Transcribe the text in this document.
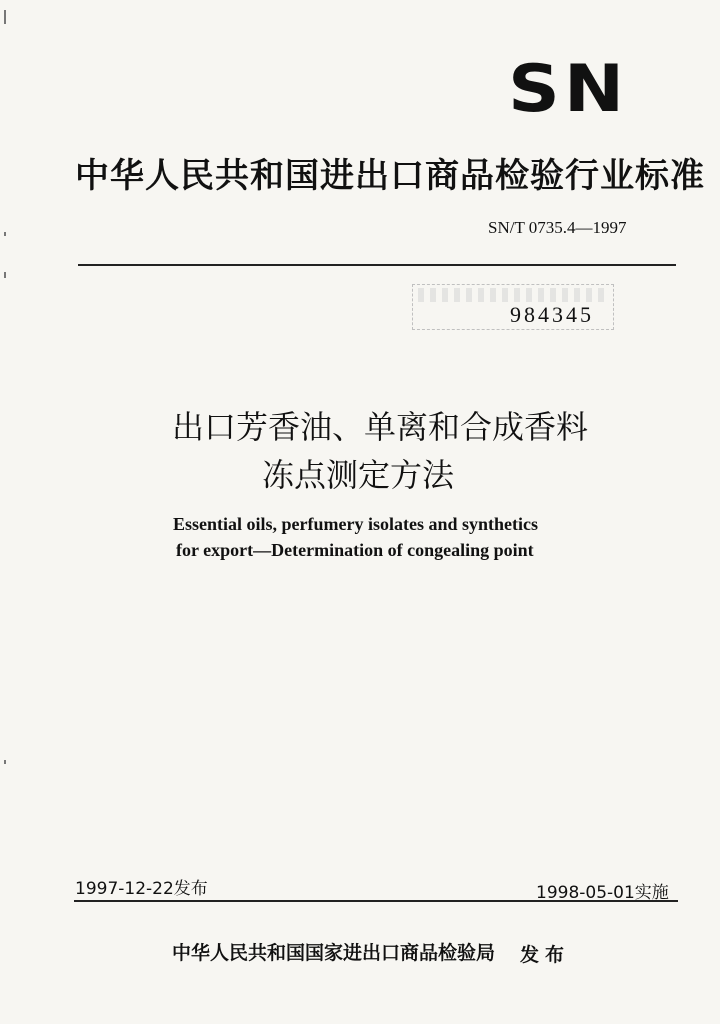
SN
中华人民共和国进出口商品检验行业标准
SN/T 0735.4—1997
984345
出口芳香油、单离和合成香料
冻点测定方法
Essential oils, perfumery isolates and synthetics
for export—Determination of congealing point
1997-12-22发布	1998-05-01实施
中华人民共和国国家进出口商品检验局 发布
